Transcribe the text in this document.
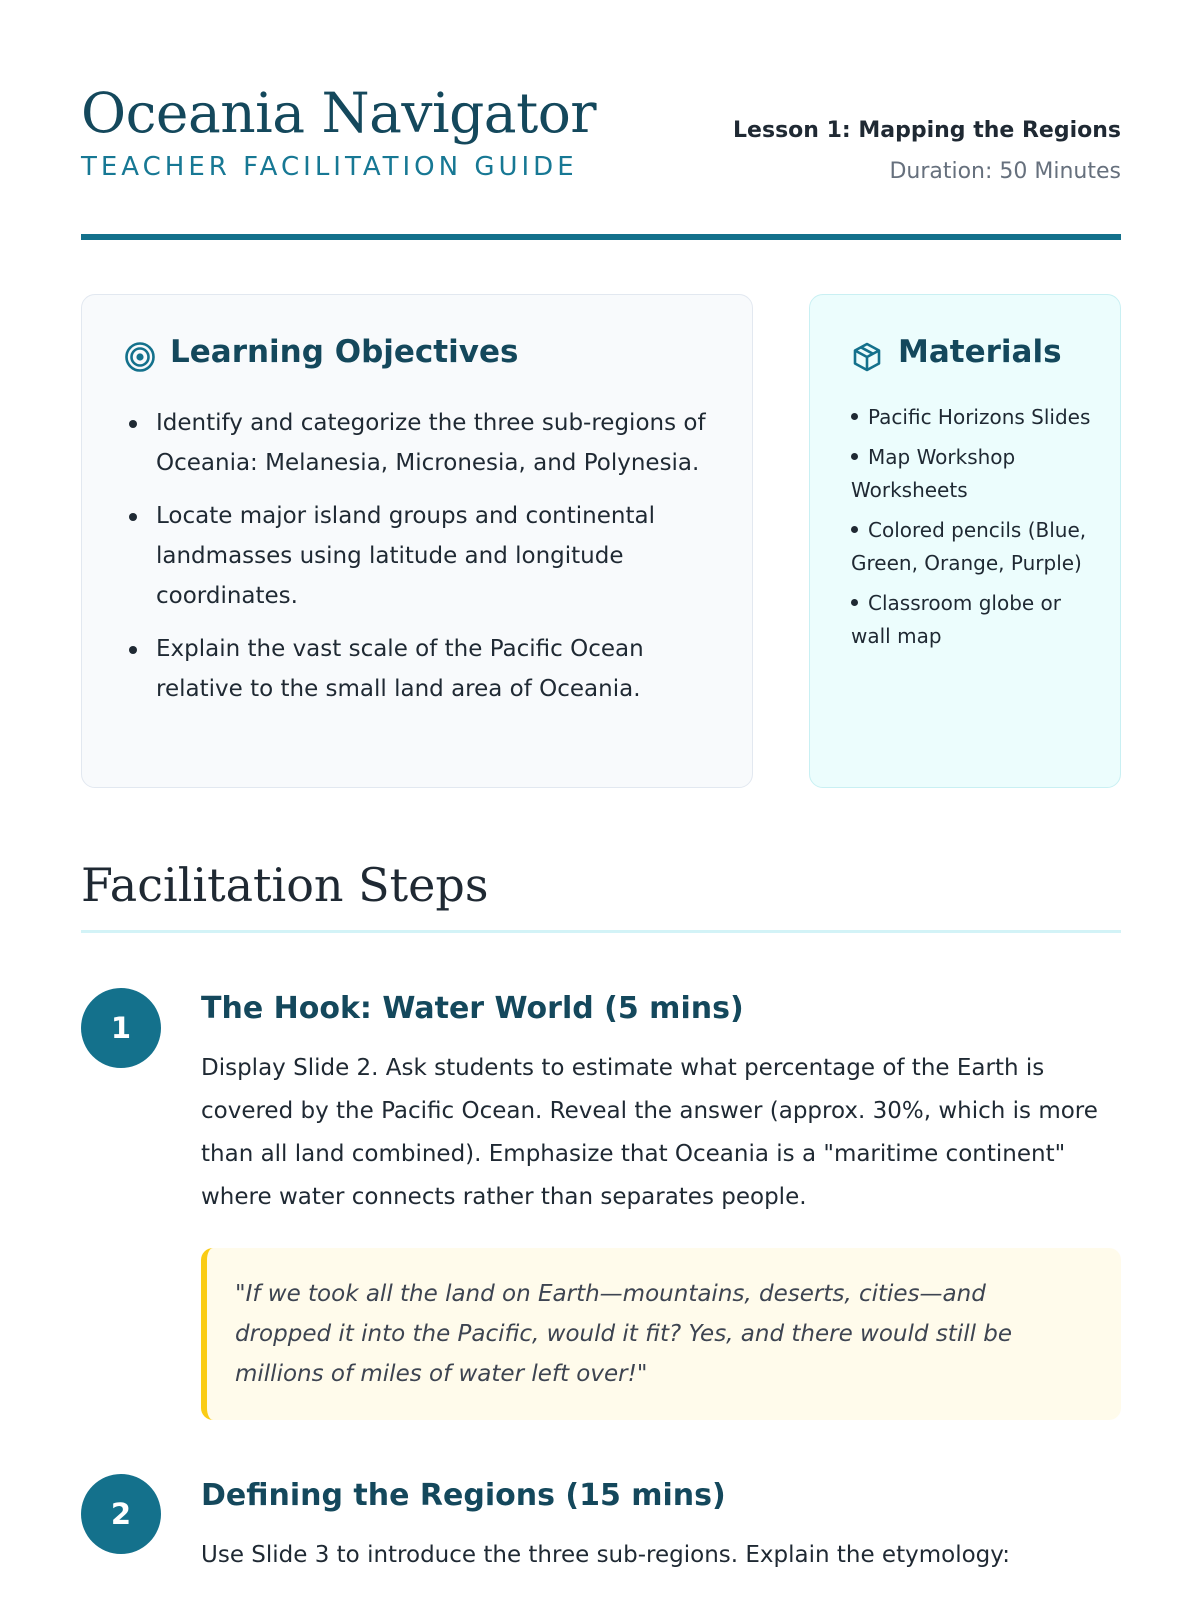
Oceania Navigator
TEACHER FACILITATION GUIDE
Lesson 1: Mapping the Regions
Duration: 50 Minutes
Learning Objectives
Identify and categorize the three sub-regions of Oceania: Melanesia, Micronesia, and Polynesia.
Locate major island groups and continental landmasses using latitude and longitude coordinates.
Explain the vast scale of the Pacific Ocean relative to the small land area of Oceania.
Materials
Pacific Horizons Slides
Map Workshop Worksheets
Colored pencils (Blue, Green, Orange, Purple)
Classroom globe or wall map
Facilitation Steps
1
The Hook: Water World (5 mins)

Display Slide 2. Ask students to estimate what percentage of the Earth is covered by the Pacific Ocean. Reveal the answer (approx. 30%, which is more than all land combined). Emphasize that Oceania is a "maritime continent" where water connects rather than separates people.

"If we took all the land on Earth—mountains, deserts, cities—and dropped it into the Pacific, would it fit? Yes, and there would still be millions of miles of water left over!"

2
Defining the Regions (15 mins)

Use Slide 3 to introduce the three sub-regions. Explain the etymology:
